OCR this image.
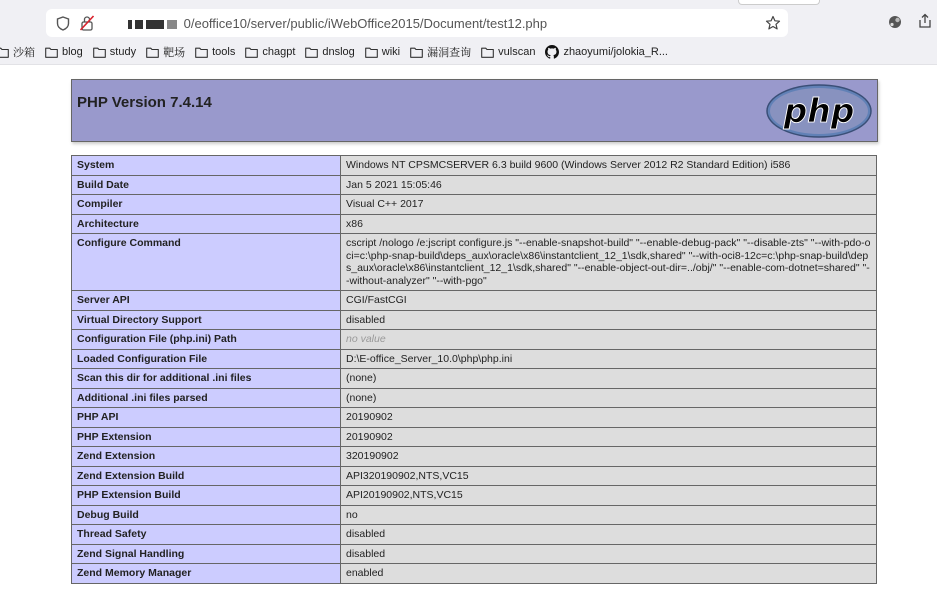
0/eoffice10/server/public/iWebOffice2015/Document/test12.php
沙箱 blog study 靶场 tools chagpt dnslog wiki 漏洞查询 vulscan	zhaoyumi/jolokia_R...
PHP Version 7.4.14	php
System	Windows NT CPSMCSERVER 6.3 build 9600 (Windows Server 2012 R2 Standard Edition) i586
Build Date	Jan 5 2021 15:05:46
Compiler	Visual C++ 2017
Architecture	x86
Configure Command	cscript /nologo /e:jscript configure.js "--enable-snapshot-build" "--enable-debug-pack" "--disable-zts" "--with-pdo-oci=c:\php-snap-build\deps_aux\oracle\x86\instantclient_12_1\sdk,shared" "--with-oci8-12c=c:\php-snap-build\deps_aux\oracle\x86\instantclient_12_1\sdk,shared" "--enable-object-out-dir=../obj/" "--enable-com-dotnet=shared" "--without-analyzer" "--with-pgo"
Server API	CGI/FastCGI
Virtual Directory Support	disabled
Configuration File (php.ini) Path	no value
Loaded Configuration File	D:\E-office_Server_10.0\php\php.ini
Scan this dir for additional .ini files	(none)
Additional .ini files parsed	(none)
PHP API	20190902
PHP Extension	20190902
Zend Extension	320190902
Zend Extension Build	API320190902,NTS,VC15
PHP Extension Build	API20190902,NTS,VC15
Debug Build	no
Thread Safety	disabled
Zend Signal Handling	disabled
Zend Memory Manager	enabled
